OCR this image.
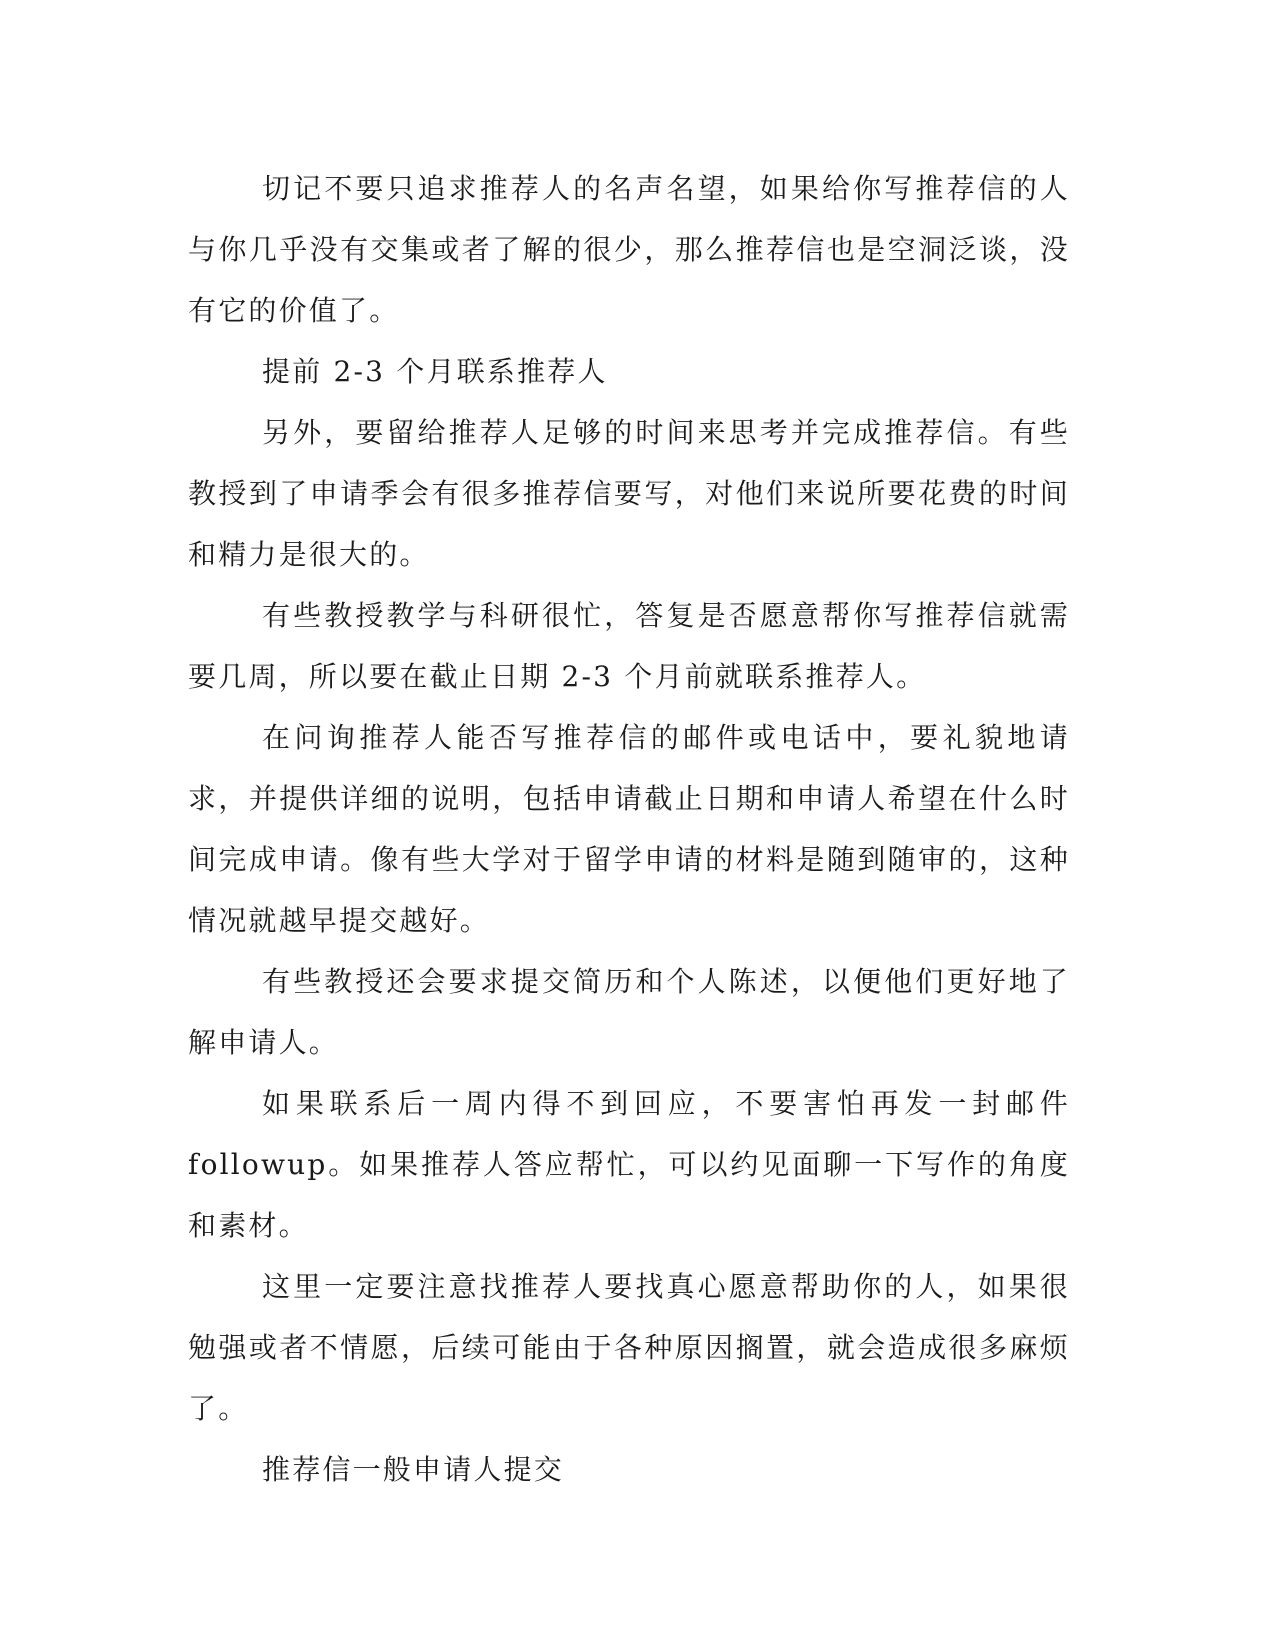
切记不要只追求推荐人的名声名望，如果给你写推荐信的人与你几乎没有交集或者了解的很少，那么推荐信也是空洞泛谈，没有它的价值了。

提前 2-3 个月联系推荐人

另外，要留给推荐人足够的时间来思考并完成推荐信。有些教授到了申请季会有很多推荐信要写，对他们来说所要花费的时间和精力是很大的。

有些教授教学与科研很忙，答复是否愿意帮你写推荐信就需要几周，所以要在截止日期 2-3 个月前就联系推荐人。

在问询推荐人能否写推荐信的邮件或电话中，要礼貌地请求，并提供详细的说明，包括申请截止日期和申请人希望在什么时间完成申请。像有些大学对于留学申请的材料是随到随审的，这种情况就越早提交越好。

有些教授还会要求提交简历和个人陈述，以便他们更好地了解申请人。

如果联系后一周内得不到回应，不要害怕再发一封邮件 followup。如果推荐人答应帮忙，可以约见面聊一下写作的角度和素材。

这里一定要注意找推荐人要找真心愿意帮助你的人，如果很勉强或者不情愿，后续可能由于各种原因搁置，就会造成很多麻烦了。

推荐信一般申请人提交
